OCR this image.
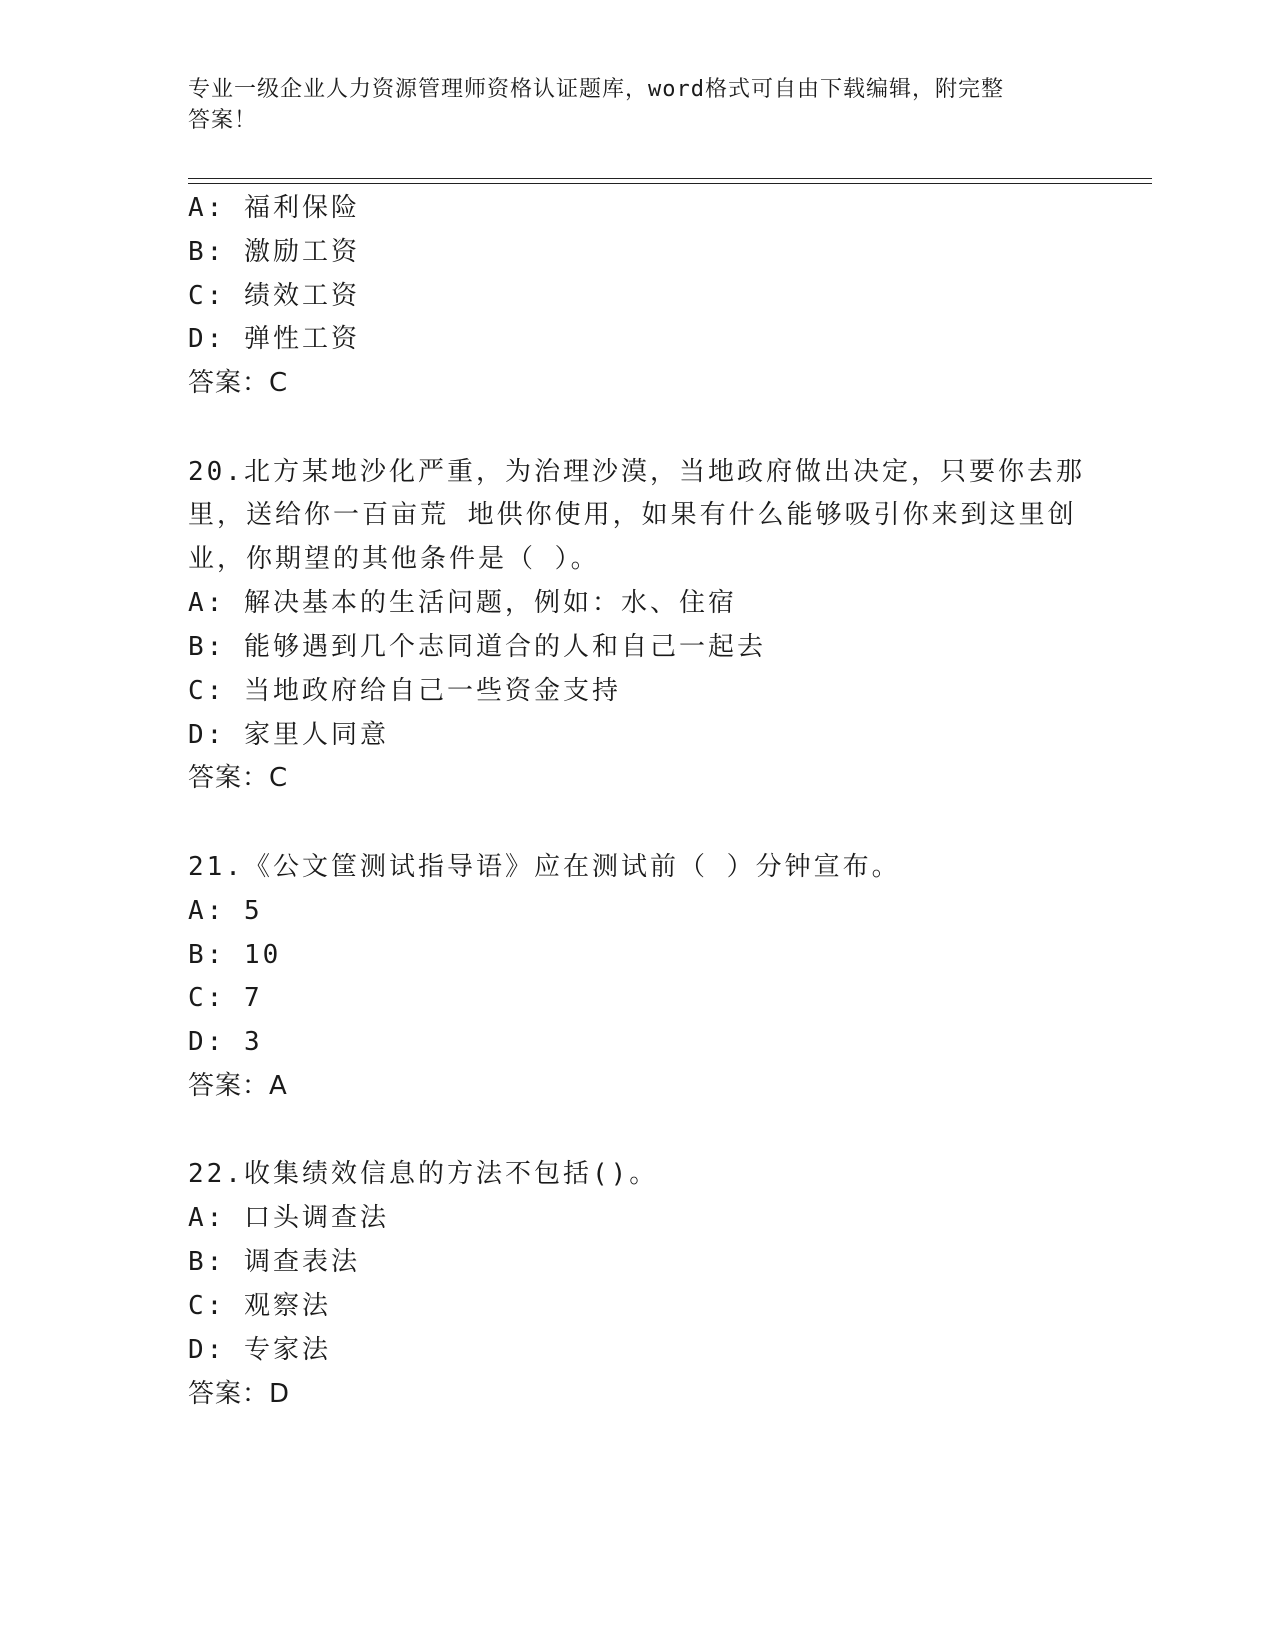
专业一级企业人力资源管理师资格认证题库，word格式可自由下载编辑，附完整
答案！
A: 福利保险
B: 激励工资
C: 绩效工资
D: 弹性工资
答案：C
20.北方某地沙化严重，为治理沙漠，当地政府做出决定，只要你去那
里，送给你一百亩荒 地供你使用，如果有什么能够吸引你来到这里创
业，你期望的其他条件是（ ）。
A: 解决基本的生活问题，例如：水、住宿
B: 能够遇到几个志同道合的人和自己一起去
C: 当地政府给自己一些资金支持
D: 家里人同意
答案：C
21.《公文筐测试指导语》应在测试前（ ）分钟宣布。
A: 5
B: 10
C: 7
D: 3
答案：A
22.收集绩效信息的方法不包括()。
A: 口头调查法
B: 调查表法
C: 观察法
D: 专家法
答案：D
